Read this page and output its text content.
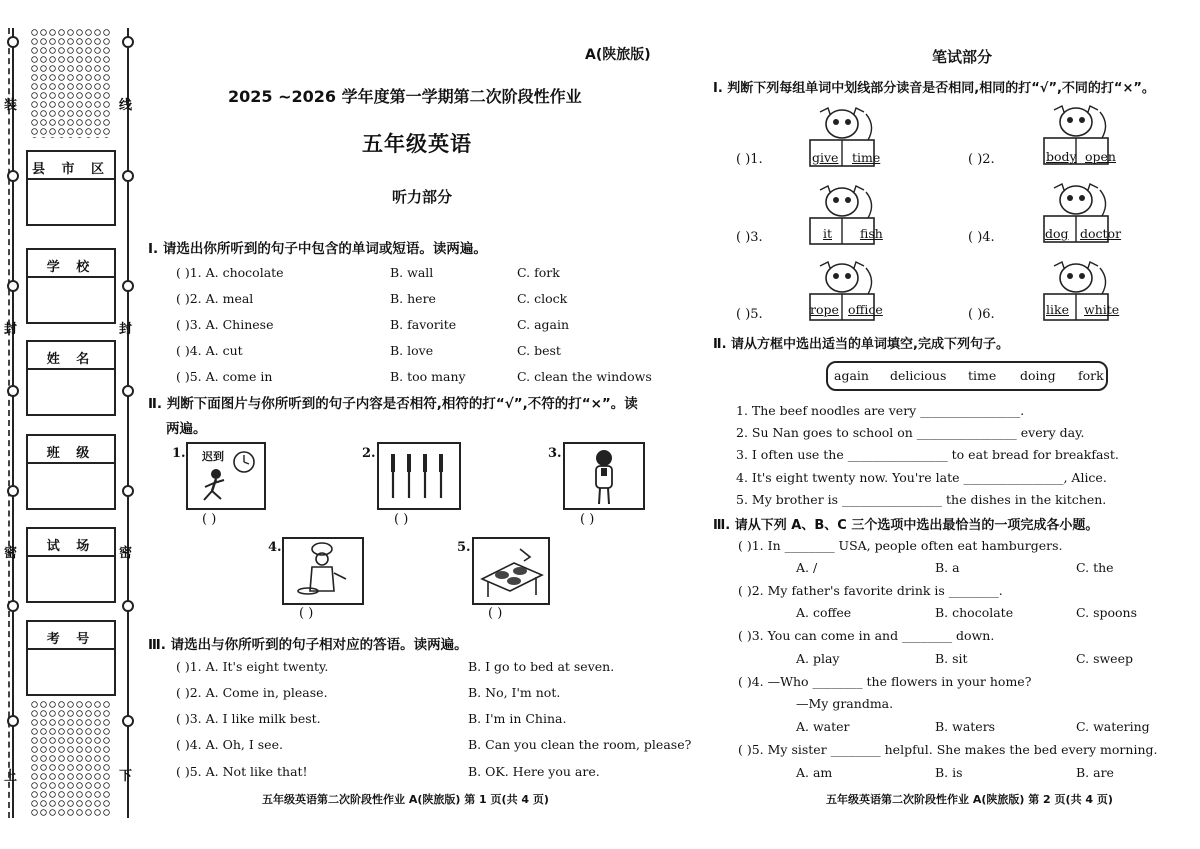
装	线
封	封
密	密
上	下
县 市 区
学 校
姓 名
班 级
试 场
考 号
A(陕旅版)
2025 ~2026 学年度第一学期第二次阶段性作业
五年级英语
听力部分
Ⅰ. 请选出你所听到的句子中包含的单词或短语。读两遍。
( )1. A. chocolate	B. wall	C. fork
( )2. A. meal	B. here	C. clock
( )3. A. Chinese	B. favorite	C. again
( )4. A. cut	B. love	C. best
( )5. A. come in	B. too many	C. clean the windows
Ⅱ. 判断下面图片与你所听到的句子内容是否相符,相符的打“√”,不符的打“×”。读
两遍。
1. 迟到
( )
2.
( )
3.
( )
4.
( )
5.
( )
Ⅲ. 请选出与你所听到的句子相对应的答语。读两遍。
( )1. A. It's eight twenty.	B. I go to bed at seven.
( )2. A. Come in, please.	B. No, I'm not.
( )3. A. I like milk best.	B. I'm in China.
( )4. A. Oh, I see.	B. Can you clean the room, please?
( )5. A. Not like that!	B. OK. Here you are.
五年级英语第二次阶段性作业 A(陕旅版) 第 1 页(共 4 页)
笔试部分
Ⅰ. 判断下列每组单词中划线部分读音是否相同,相同的打“√”,不同的打“×”。
( )1.	give time	( )2.	body open
( )3.	it fish	( )4.	dog doctor
( )5.	rope office	( )6.	like white
Ⅱ. 请从方框中选出适当的单词填空,完成下列句子。
again delicious time doing fork
1. The beef noodles are very ________________.
2. Su Nan goes to school on ________________ every day.
3. I often use the ________________ to eat bread for breakfast.
4. It's eight twenty now. You're late ________________, Alice.
5. My brother is ________________ the dishes in the kitchen.
Ⅲ. 请从下列 A、B、C 三个选项中选出最恰当的一项完成各小题。
( )1. In ________ USA, people often eat hamburgers.
A. /	B. a	C. the
( )2. My father's favorite drink is ________.
A. coffee	B. chocolate	C. spoons
( )3. You can come in and ________ down.
A. play	B. sit	C. sweep
( )4. —Who ________ the flowers in your home?
—My grandma.
A. water	B. waters	C. watering
( )5. My sister ________ helpful. She makes the bed every morning.
A. am	B. is	B. are
五年级英语第二次阶段性作业 A(陕旅版) 第 2 页(共 4 页)
